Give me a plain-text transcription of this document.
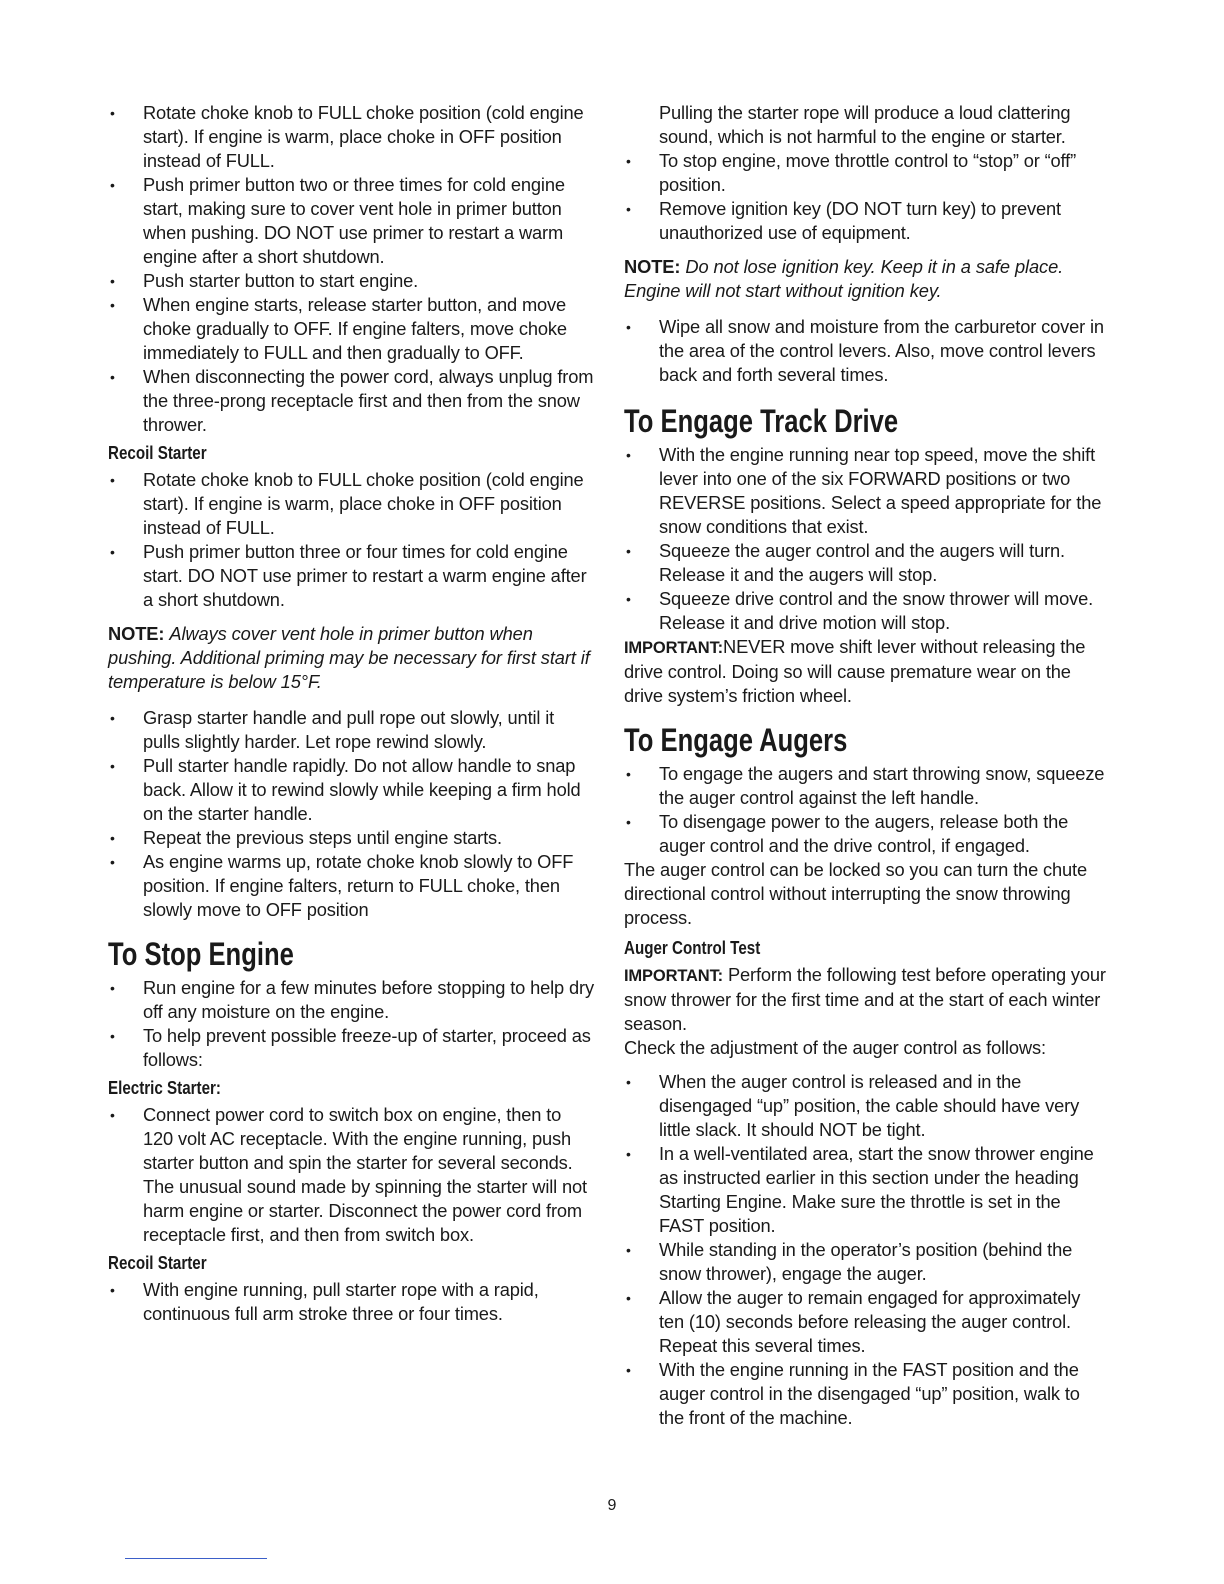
• Rotate choke knob to FULL choke position (cold engine start). If engine is warm, place choke in OFF position instead of FULL.
• Push primer button two or three times for cold engine start, making sure to cover vent hole in primer button when pushing. DO NOT use primer to restart a warm engine after a short shutdown.
• Push starter button to start engine.
• When engine starts, release starter button, and move choke gradually to OFF. If engine falters, move choke immediately to FULL and then gradually to OFF.
• When disconnecting the power cord, always unplug from the three-prong receptacle first and then from the snow thrower.
Recoil Starter
• Rotate choke knob to FULL choke position (cold engine start). If engine is warm, place choke in OFF position instead of FULL.
• Push primer button three or four times for cold engine start. DO NOT use primer to restart a warm engine after a short shutdown.

NOTE: Always cover vent hole in primer button when pushing. Additional priming may be necessary for first start if temperature is below 15°F.

• Grasp starter handle and pull rope out slowly, until it pulls slightly harder. Let rope rewind slowly.
• Pull starter handle rapidly. Do not allow handle to snap back. Allow it to rewind slowly while keeping a firm hold on the starter handle.
• Repeat the previous steps until engine starts.
• As engine warms up, rotate choke knob slowly to OFF position. If engine falters, return to FULL choke, then slowly move to OFF position
To Stop Engine
• Run engine for a few minutes before stopping to help dry off any moisture on the engine.
• To help prevent possible freeze-up of starter, proceed as follows:
Electric Starter:
• Connect power cord to switch box on engine, then to 120 volt AC receptacle. With the engine running, push starter button and spin the starter for several seconds. The unusual sound made by spinning the starter will not harm engine or starter. Disconnect the power cord from receptacle first, and then from switch box.
Recoil Starter
• With engine running, pull starter rope with a rapid, continuous full arm stroke three or four times.

Pulling the starter rope will produce a loud clattering sound, which is not harmful to the engine or starter.

• To stop engine, move throttle control to “stop” or “off” position.
• Remove ignition key (DO NOT turn key) to prevent unauthorized use of equipment.

NOTE: Do not lose ignition key. Keep it in a safe place. Engine will not start without ignition key.

• Wipe all snow and moisture from the carburetor cover in the area of the control levers. Also, move control levers back and forth several times.
To Engage Track Drive
• With the engine running near top speed, move the shift lever into one of the six FORWARD positions or two REVERSE positions. Select a speed appropriate for the snow conditions that exist.
• Squeeze the auger control and the augers will turn. Release it and the augers will stop.
• Squeeze drive control and the snow thrower will move. Release it and drive motion will stop.

IMPORTANT:NEVER move shift lever without releasing the drive control. Doing so will cause premature wear on the drive system’s friction wheel.

To Engage Augers
• To engage the augers and start throwing snow, squeeze the auger control against the left handle.
• To disengage power to the augers, release both the auger control and the drive control, if engaged.

The auger control can be locked so you can turn the chute directional control without interrupting the snow throwing process.

Auger Control Test

IMPORTANT: Perform the following test before operating your snow thrower for the first time and at the start of each winter season.

Check the adjustment of the auger control as follows:

• When the auger control is released and in the disengaged “up” position, the cable should have very little slack. It should NOT be tight.
• In a well-ventilated area, start the snow thrower engine as instructed earlier in this section under the heading Starting Engine. Make sure the throttle is set in the FAST position.
• While standing in the operator’s position (behind the snow thrower), engage the auger.
• Allow the auger to remain engaged for approximately ten (10) seconds before releasing the auger control. Repeat this several times.
• With the engine running in the FAST position and the auger control in the disengaged “up” position, walk to the front of the machine.
9
